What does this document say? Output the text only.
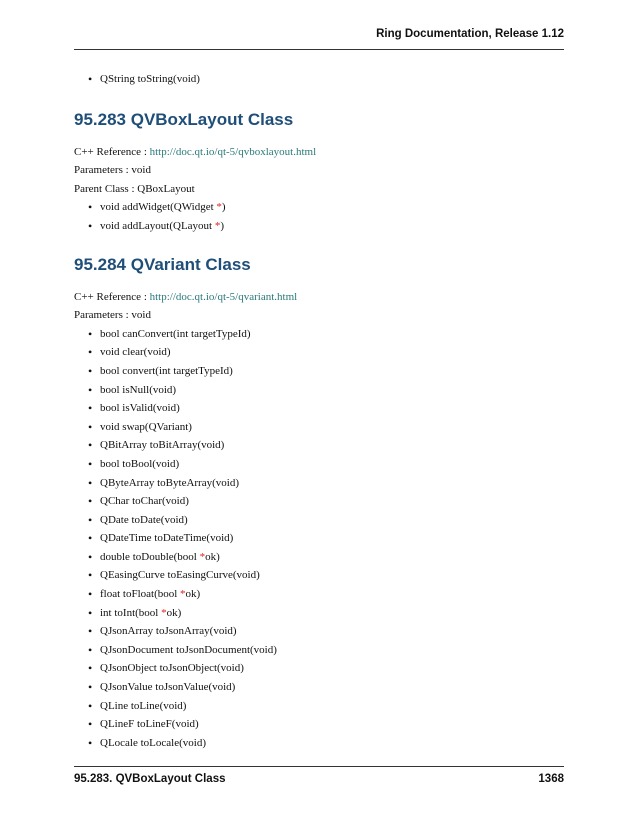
Ring Documentation, Release 1.12
• QString toString(void)
95.283 QVBoxLayout Class

C++ Reference : http://doc.qt.io/qt-5/qvboxlayout.html

Parameters : void

Parent Class : QBoxLayout

• void addWidget(QWidget *)
• void addLayout(QLayout *)
95.284 QVariant Class

C++ Reference : http://doc.qt.io/qt-5/qvariant.html

Parameters : void

• bool canConvert(int targetTypeId)
• void clear(void)
• bool convert(int targetTypeId)
• bool isNull(void)
• bool isValid(void)
• void swap(QVariant)
• QBitArray toBitArray(void)
• bool toBool(void)
• QByteArray toByteArray(void)
• QChar toChar(void)
• QDate toDate(void)
• QDateTime toDateTime(void)
• double toDouble(bool *ok)
• QEasingCurve toEasingCurve(void)
• float toFloat(bool *ok)
• int toInt(bool *ok)
• QJsonArray toJsonArray(void)
• QJsonDocument toJsonDocument(void)
• QJsonObject toJsonObject(void)
• QJsonValue toJsonValue(void)
• QLine toLine(void)
• QLineF toLineF(void)
• QLocale toLocale(void)
95.283. QVBoxLayout Class	1368
